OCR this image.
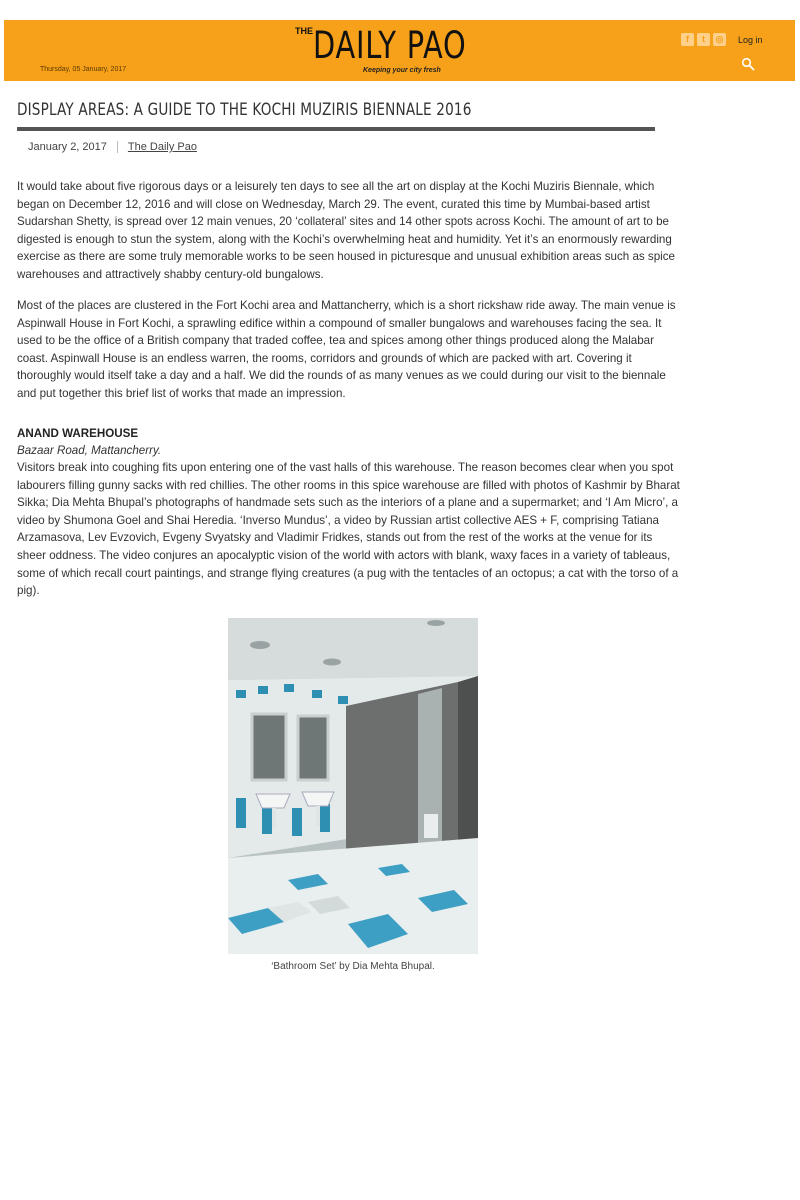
Thursday, 05 January, 2017
THE DAILY PAO
Keeping your city fresh
f	t	◎ Log in
DISPLAY AREAS: A GUIDE TO THE KOCHI MUZIRIS BIENNALE 2016
January 2, 2017 The Daily Pao

It would take about five rigorous days or a leisurely ten days to see all the art on display at the Kochi Muziris Biennale, which began on December 12, 2016 and will close on Wednesday, March 29. The event, curated this time by Mumbai-based artist Sudarshan Shetty, is spread over 12 main venues, 20 ‘collateral’ sites and 14 other spots across Kochi. The amount of art to be digested is enough to stun the system, along with the Kochi’s overwhelming heat and humidity. Yet it’s an enormously rewarding exercise as there are some truly memorable works to be seen housed in picturesque and unusual exhibition areas such as spice warehouses and attractively shabby century-old bungalows.

Most of the places are clustered in the Fort Kochi area and Mattancherry, which is a short rickshaw ride away. The main venue is Aspinwall House in Fort Kochi, a sprawling edifice within a compound of smaller bungalows and warehouses facing the sea. It used to be the office of a British company that traded coffee, tea and spices among other things produced along the Malabar coast. Aspinwall House is an endless warren, the rooms, corridors and grounds of which are packed with art. Covering it thoroughly would itself take a day and a half. We did the rounds of as many venues as we could during our visit to the biennale and put together this brief list of works that made an impression.

ANAND WAREHOUSE
Bazaar Road, Mattancherry.

Visitors break into coughing fits upon entering one of the vast halls of this warehouse. The reason becomes clear when you spot labourers filling gunny sacks with red chillies. The other rooms in this spice warehouse are filled with photos of Kashmir by Bharat Sikka; Dia Mehta Bhupal’s photographs of handmade sets such as the interiors of a plane and a supermarket; and ‘I Am Micro’, a video by Shumona Goel and Shai Heredia. ‘Inverso Mundus’, a video by Russian artist collective AES + F, comprising Tatiana Arzamasova, Lev Evzovich, Evgeny Svyatsky and Vladimir Fridkes, stands out from the rest of the works at the venue for its sheer oddness. The video conjures an apocalyptic vision of the world with actors with blank, waxy faces in a variety of tableaus, some of which recall court paintings, and strange flying creatures (a pug with the tentacles of an octopus; a cat with the torso of a pig).

‘Bathroom Set’ by Dia Mehta Bhupal.
